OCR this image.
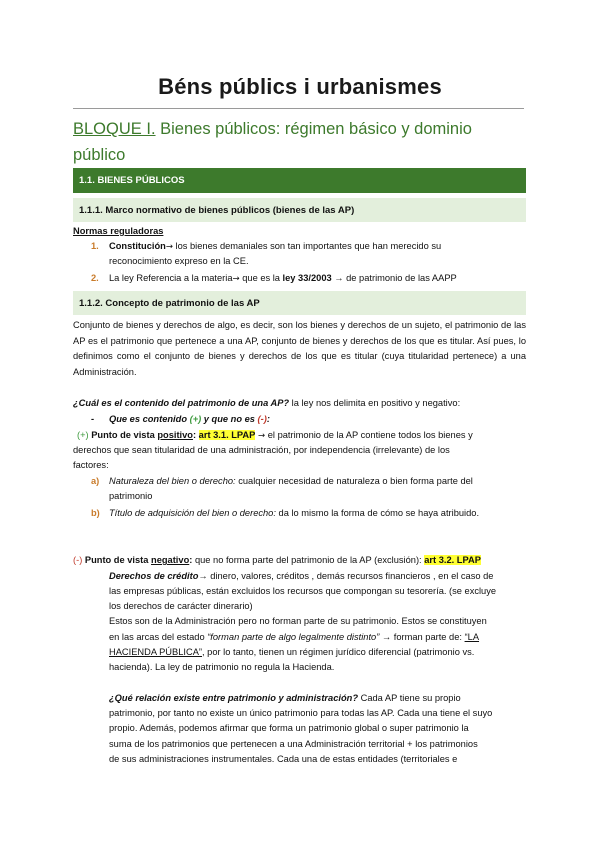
Béns públics i urbanismes
BLOQUE I. Bienes públicos: régimen básico y dominio público
1.1. BIENES PÚBLICOS
1.1.1. Marco normativo de bienes públicos (bienes de las AP)
Normas reguladoras
1. Constitución→ los bienes demaniales son tan importantes que han merecido su
reconocimiento expreso en la CE.
2. La ley Referencia a la materia→ que es la ley 33/2003 → de patrimonio de las AAPP
1.1.2. Concepto de patrimonio de las AP
Conjunto de bienes y derechos de algo, es decir, son los bienes y derechos de un sujeto, el patrimonio de las AP es el patrimonio que pertenece a una AP, conjunto de bienes y derechos de los que es titular. Así pues, lo definimos como el conjunto de bienes y derechos de los que es titular (cuya titularidad pertenece) a una Administración.
¿Cuál es el contenido del patrimonio de una AP? la ley nos delimita en positivo y negativo:
- Que es contenido (+) y que no es (-):
(+) Punto de vista positivo: art 3.1. LPAP → el patrimonio de la AP contiene todos los bienes y
derechos que sean titularidad de una administración, por independencia (irrelevante) de los
factores:
a) Naturaleza del bien o derecho: cualquier necesidad de naturaleza o bien forma parte del
patrimonio
b) Título de adquisición del bien o derecho: da lo mismo la forma de cómo se haya atribuido.
(-) Punto de vista negativo: que no forma parte del patrimonio de la AP (exclusión): art 3.2. LPAP
Derechos de crédito→ dinero, valores, créditos , demás recursos financieros , en el caso de
las empresas públicas, están excluidos los recursos que compongan su tesorería. (se excluye
los derechos de carácter dinerario)
Estos son de la Administración pero no forman parte de su patrimonio. Estos se constituyen
en las arcas del estado “forman parte de algo legalmente distinto” → forman parte de: “LA
HACIENDA PÚBLICA”, por lo tanto, tienen un régimen jurídico diferencial (patrimonio vs.
hacienda). La ley de patrimonio no regula la Hacienda.
¿Qué relación existe entre patrimonio y administración? Cada AP tiene su propio
patrimonio, por tanto no existe un único patrimonio para todas las AP. Cada una tiene el suyo
propio. Además, podemos afirmar que forma un patrimonio global o super patrimonio la
suma de los patrimonios que pertenecen a una Administración territorial + los patrimonios
de sus administraciones instrumentales. Cada una de estas entidades (territoriales e
